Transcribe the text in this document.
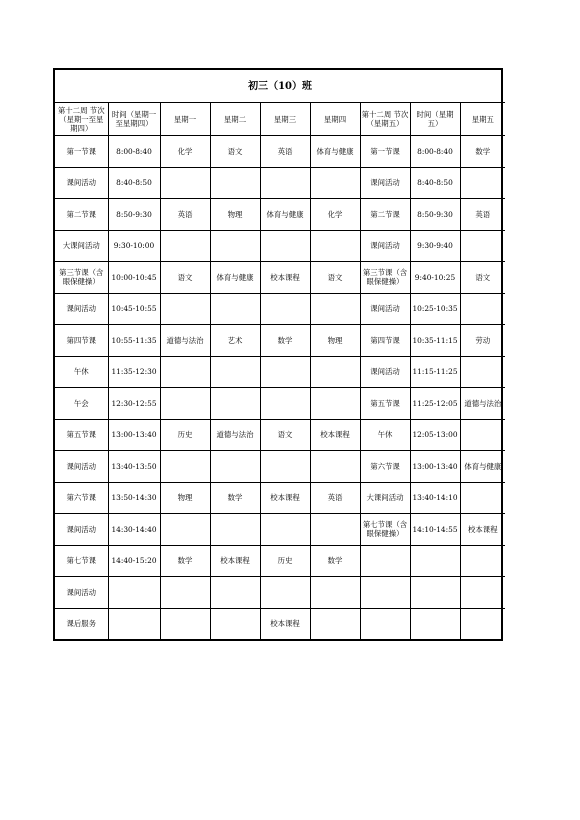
初三（10）班								
第十二周 节次（星期一至星期四）	时间（星期一至星期四）	星期一	星期二	星期三	星期四	第十二周 节次 （星期五）	时间（星期五）	星期五
第一节课	8:00-8:40	化学	语文	英语	体育与健康	第一节课	8:00-8:40	数学
课间活动	8:40-8:50					课间活动	8:40-8:50	
第二节课	8:50-9:30	英语	物理	体育与健康	化学	第二节课	8:50-9:30	英语
大课间活动	9:30-10:00					课间活动	9:30-9:40	
第三节课（含眼保健操）	10:00-10:45	语文	体育与健康	校本课程	语文	第三节课（含眼保健操）	9:40-10:25	语文
课间活动	10:45-10:55					课间活动	10:25-10:35	
第四节课	10:55-11:35	道德与法治	艺术	数学	物理	第四节课	10:35-11:15	劳动
午休	11:35-12:30					课间活动	11:15-11:25	
午会	12:30-12:55					第五节课	11:25-12:05	道德与法治
第五节课	13:00-13:40	历史	道德与法治	语文	校本课程	午休	12:05-13:00	
课间活动	13:40-13:50					第六节课	13:00-13:40	体育与健康
第六节课	13:50-14:30	物理	数学	校本课程	英语	大课间活动	13:40-14:10	
课间活动	14:30-14:40					第七节课（含眼保健操）	14:10-14:55	校本课程
第七节课	14:40-15:20	数学	校本课程	历史	数学			
课间活动								
课后服务				校本课程				
